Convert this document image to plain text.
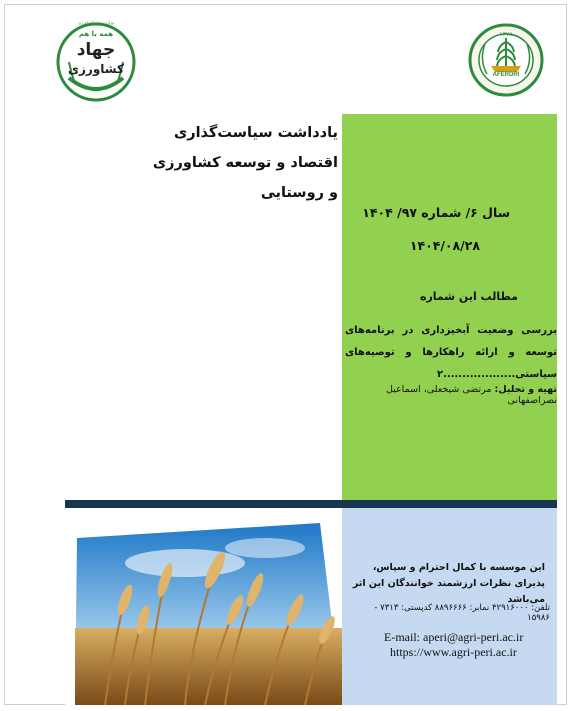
همه با هم
جهاد
کشاورزی
وزارت جهاد کشاورزی
AFERDRI
۱۳۷۸
یادداشت سیاست‌گذاری اقتصاد و توسعه کشاورزی و روستایی
سال ۶/ شماره ۹۷/ ۱۴۰۴
۱۴۰۴/۰۸/۲۸
مطالب این شماره
بررسی وضعیت آبخیزداری در برنامه‌های توسعه و ارائه راهکارها و توصیه‌های سیاستی...................۲
تهیه و تحلیل: مرتضی شیخعلی، اسماعیل نصراصفهانی
این موسسه با کمال احترام و سپاس، پذیرای نظرات ارزشمند خوانندگان این اثر می‌باشد
تلفن: ۴۲۹۱۶۰۰۰ نمابر: ۸۸۹۶۶۶۶ کدپستی: ۷۳۱۳ - ۱۵۹۸۶
E-mail: aperi@agri-peri.ac.ir
https://www.agri-peri.ac.ir
